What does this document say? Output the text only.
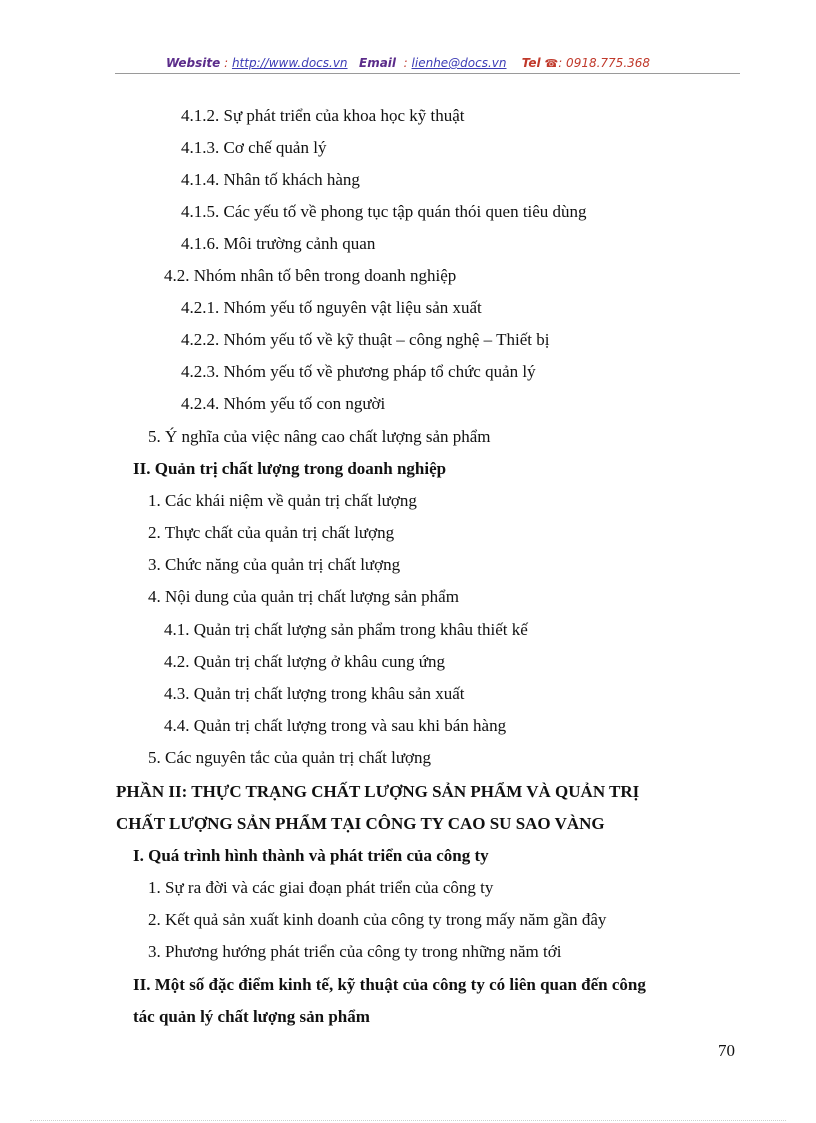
Website : http://www.docs.vn Email  : lienhe@docs.vn Tel ☎: 0918.775.368
4.1.2. Sự phát triển của khoa học kỹ thuật
4.1.3. Cơ chế quản lý
4.1.4. Nhân tố khách hàng
4.1.5. Các yếu tố về phong tục tập quán thói quen tiêu dùng
4.1.6. Môi trường cảnh quan
4.2. Nhóm nhân tố bên trong doanh nghiệp
4.2.1. Nhóm yếu tố nguyên vật liệu sản xuất
4.2.2. Nhóm yếu tố về kỹ thuật – công nghệ – Thiết bị
4.2.3. Nhóm yếu tố về phương pháp tổ chức quản lý
4.2.4. Nhóm yếu tố con người
5. Ý nghĩa của việc nâng cao chất lượng sản phẩm
II. Quản trị chất lượng trong doanh nghiệp
1. Các khái niệm về quản trị chất lượng
2. Thực chất của quản trị chất lượng
3. Chức năng của quản trị chất lượng
4. Nội dung của quản trị chất lượng sản phẩm
4.1. Quản trị chất lượng sản phẩm trong khâu thiết kế
4.2. Quản trị chất lượng ở khâu cung ứng
4.3. Quản trị chất lượng trong khâu sản xuất
4.4. Quản trị chất lượng trong và sau khi bán hàng
5. Các nguyên tắc của quản trị chất lượng
PHẦN II: THỰC TRẠNG CHẤT LƯỢNG SẢN PHẨM VÀ QUẢN TRỊ
CHẤT LƯỢNG SẢN PHẨM TẠI CÔNG TY CAO SU SAO VÀNG
I. Quá trình hình thành và phát triển của công ty
1. Sự ra đời và các giai đoạn phát triển của công ty
2. Kết quả sản xuất kinh doanh của công ty trong mấy năm gần đây
3. Phương hướng phát triển của công ty trong những năm tới
II. Một số đặc điểm kinh tế, kỹ thuật của công ty có liên quan đến công
tác quản lý chất lượng sản phẩm
70
